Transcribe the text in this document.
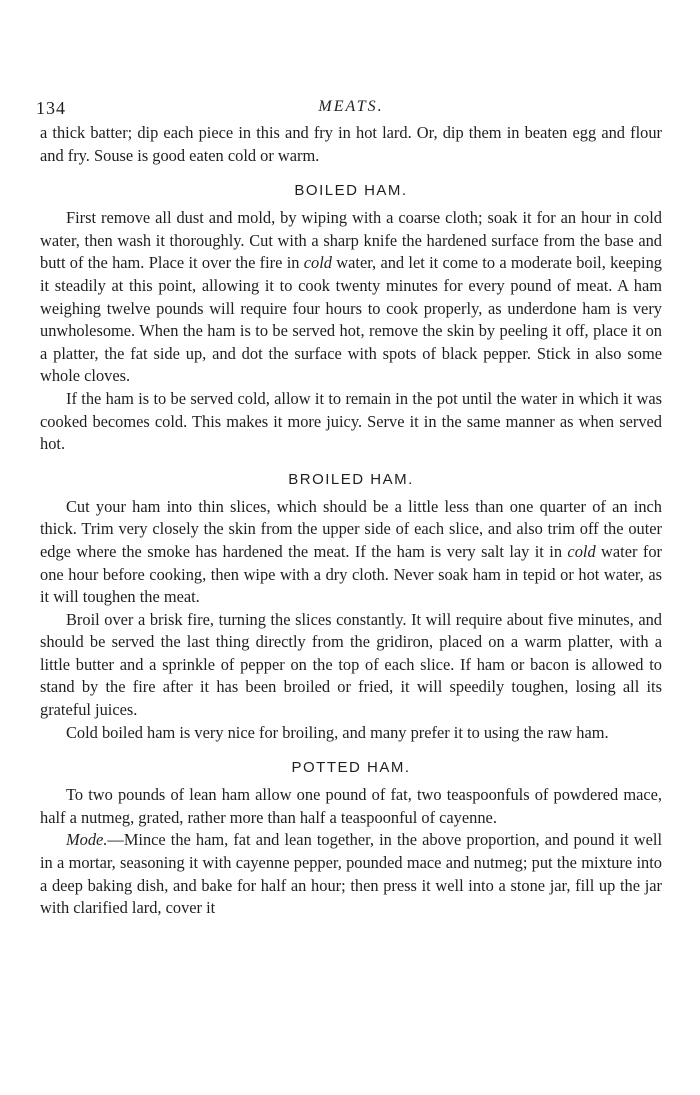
134	MEATS.

a thick batter; dip each piece in this and fry in hot lard. Or, dip them in beaten egg and flour and fry. Souse is good eaten cold or warm.

BOILED HAM.

First remove all dust and mold, by wiping with a coarse cloth; soak it for an hour in cold water, then wash it thoroughly. Cut with a sharp knife the hardened surface from the base and butt of the ham. Place it over the fire in cold water, and let it come to a moderate boil, keeping it steadily at this point, allowing it to cook twenty minutes for every pound of meat. A ham weighing twelve pounds will require four hours to cook properly, as underdone ham is very unwholesome. When the ham is to be served hot, remove the skin by peeling it off, place it on a platter, the fat side up, and dot the surface with spots of black pepper. Stick in also some whole cloves.

If the ham is to be served cold, allow it to remain in the pot until the water in which it was cooked becomes cold. This makes it more juicy. Serve it in the same manner as when served hot.

BROILED HAM.

Cut your ham into thin slices, which should be a little less than one quarter of an inch thick. Trim very closely the skin from the upper side of each slice, and also trim off the outer edge where the smoke has hardened the meat. If the ham is very salt lay it in cold water for one hour before cooking, then wipe with a dry cloth. Never soak ham in tepid or hot water, as it will toughen the meat.

Broil over a brisk fire, turning the slices constantly. It will require about five minutes, and should be served the last thing directly from the gridiron, placed on a warm platter, with a little butter and a sprinkle of pepper on the top of each slice. If ham or bacon is allowed to stand by the fire after it has been broiled or fried, it will speedily toughen, losing all its grateful juices.

Cold boiled ham is very nice for broiling, and many prefer it to using the raw ham.

POTTED HAM.

To two pounds of lean ham allow one pound of fat, two teaspoonfuls of powdered mace, half a nutmeg, grated, rather more than half a teaspoonful of cayenne.

Mode.—Mince the ham, fat and lean together, in the above proportion, and pound it well in a mortar, seasoning it with cayenne pepper, pounded mace and nutmeg; put the mixture into a deep baking dish, and bake for half an hour; then press it well into a stone jar, fill up the jar with clarified lard, cover it
